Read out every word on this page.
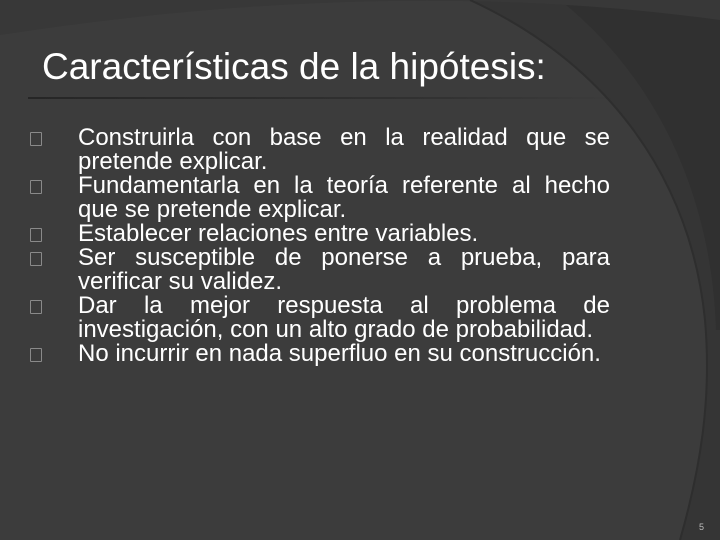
Características de la hipótesis:
Construirla con base en la realidad que se pretende explicar.
Fundamentarla en la teoría referente al hecho que se pretende explicar.
Establecer relaciones entre variables.
Ser susceptible de ponerse a prueba, para verificar su validez.
Dar la mejor respuesta al problema de investigación, con un alto grado de probabilidad.
No incurrir en nada superfluo en su construcción.
5
